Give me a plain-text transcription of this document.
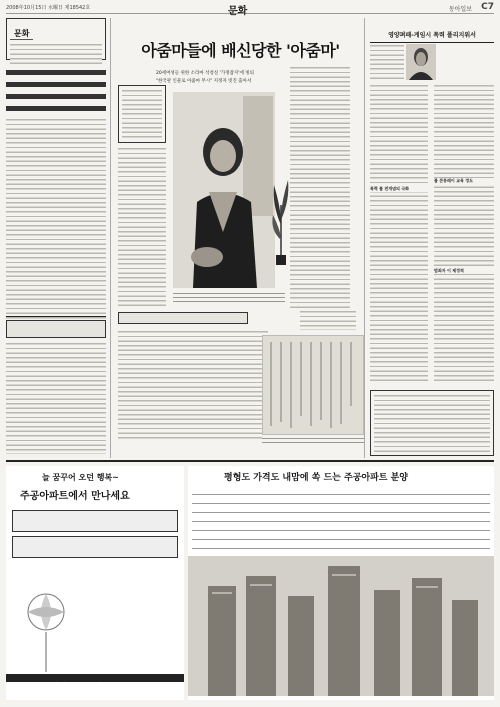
2008年10月15日 水曜日 제18542호	문화	동아일보 C7
문화
아줌마들에 배신당한 '아줌마'
20세여성들 위한 소라마 석청실 '가정잡지'에 빙퇴
"한국관 인물로 아줌마 무시" 지정자 빗진 출아서
영양펴패-게임시 폭력 폴리지워서
폭력 폴 전개념의 극화
불 콘퓨레이 교육 정도
범죄자 이 제정적
늘 꿈꾸어 오던 행복~
주공아파트에서 만나세요
대한주택공사
평형도 가격도 내맘에 쏙 드는 주공아파트 분양
